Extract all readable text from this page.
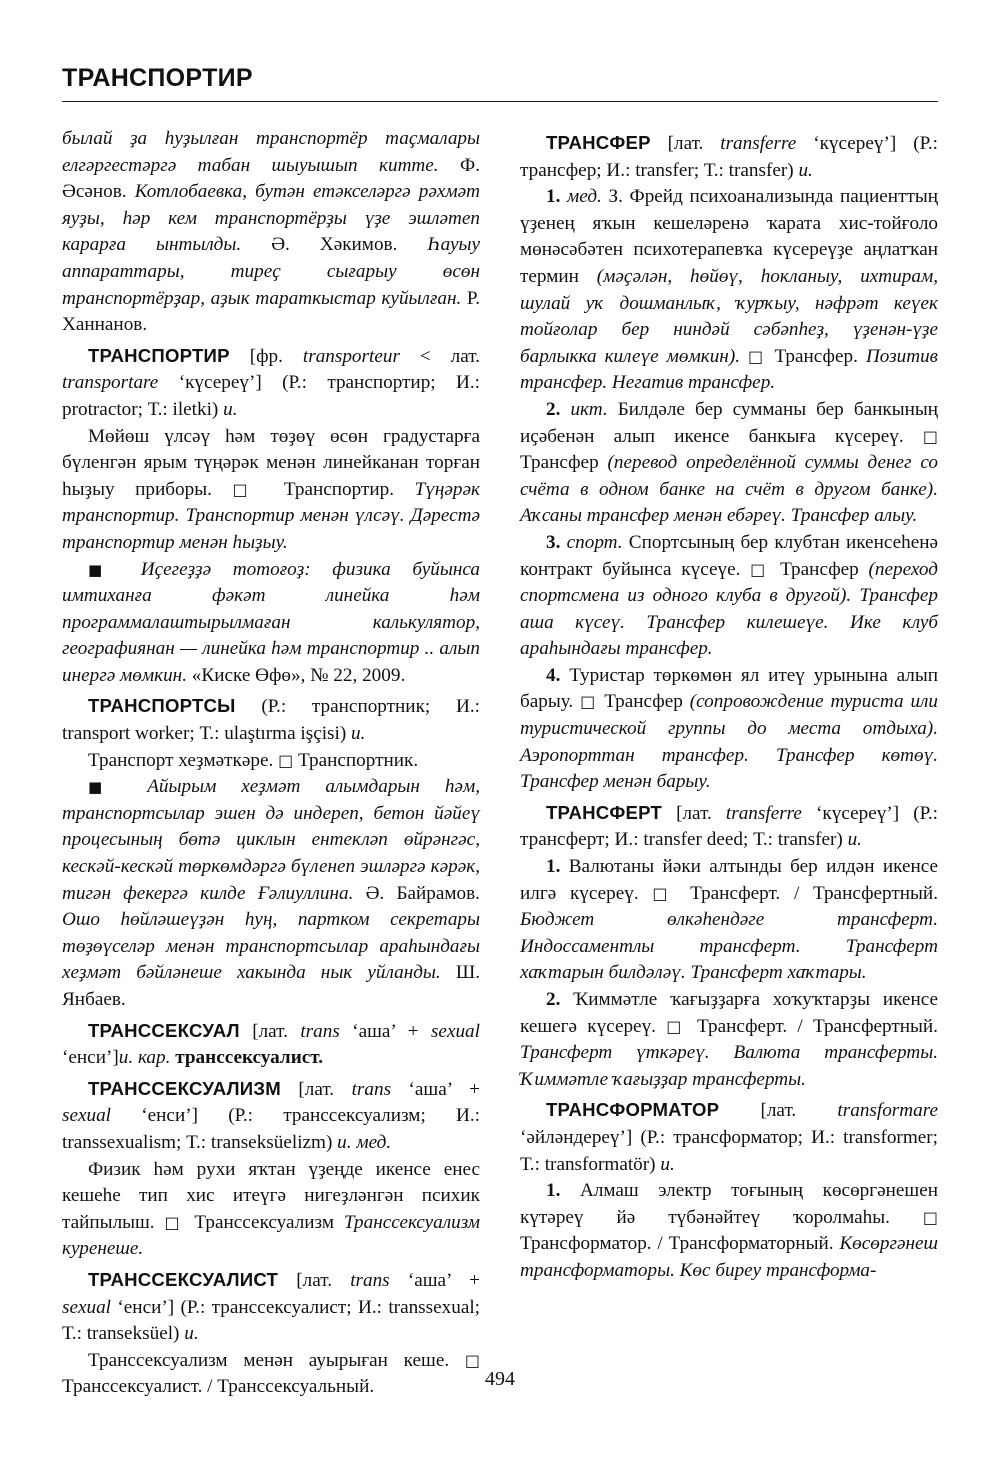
ТРАНСПОРТИР

былай ҙа һуҙылған транспортёр таҫмалары елгәргестәргә табан шыуышып китте. Ф. Әсәнов. Котлобаевка, бутән етәкселәргә рәхмәт яуҙы, һәр кем транспортёрҙы үҙе эшләтеп карарға ынтылды. Ә. Хәкимов. Һауыу аппараттары, тиреҫ сығарыу өсөн транспортёрҙар, аҙык тараткыстар куйылған. Р. Ханнанов.

ТРАНСПОРТИР [фр. transporteur < лат. transportare ‘күсереү’] (Р.: транспортир; И.: protractor; Т.: iletki) и.

Мөйөш үлсәү һәм төҙөү өсөн градустарға бүленгән ярым түңәрәк менән линейканан торған һыҙыу приборы. □ Транспортир. Түңәрәк транспортир. Транспортир менән үлсәү. Дәрестә транспортир менән һыҙыу.

■ Иҫегеҙҙә тотоғоҙ: физика буйынса имтиханға фәкәт линейка һәм программалаштырылмаған калькулятор, географиянан — линейка һәм транспортир .. алып инергә мөмкин. «Киске Өфө», № 22, 2009.

ТРАНСПОРТСЫ (Р.: транспортник; И.: transport worker; Т.: ulaştırma işçisi) и.

Транспорт хеҙмәткәре. □ Транспортник.

■ Айырым хеҙмәт алымдарын һәм, транспортсылар эшен дә индереп, бетон йәйеү процесының бөтә циклын ентекләп өйрәнгәс, кескәй-кескәй төркөмдәргә бүленеп эшләргә кәрәк, тигән фекергә килде Ғәлиуллина. Ә. Байрамов. Ошо һөйләшеүҙән һуң, партком секретары төҙөүселәр менән транспортсылар араһындағы хеҙмәт бәйләнеше хакында нык уйланды. Ш. Янбаев.

ТРАНССЕКСУАЛ [лат. trans ‘аша’ + sexual ‘енси’]и. кар. транссексуалист.

ТРАНССЕКСУАЛИЗМ [лат. trans ‘аша’ + sexual ‘енси’] (Р.: транссексуализм; И.: transsexualism; Т.: transeksüelizm) и. мед.

Физик һәм рухи яҡтан үҙеңде икенсе енес кешеһе тип хис итеүгә нигеҙләнгән психик тайпылыш. □ Транссексуализм Транссексуализм куренеше.

ТРАНССЕКСУАЛИСТ [лат. trans ‘аша’ + sexual ‘енси’] (Р.: транссексуалист; И.: transsexual; Т.: transeksüel) и.

Транссексуализм менән ауырыған кеше. □ Транссексуалист. / Транссексуальный.

ТРАНСФЕР [лат. transferre ‘күсереү’] (Р.: трансфер; И.: transfer; Т.: transfer) и.

1. мед. З. Фрейд психоанализында пациенттың үҙенең яҡын кешеләренә ҡарата хис-тойғоло мөнәсәбәтен психотерапевҡа күсереүҙе аңлатҡан термин (мәҫәлән, һөйөү, һокланыу, ихтирам, шулай уҡ дошманлыҡ, ҡурҡыу, нәфрәт кеүек тойғолар бер ниндәй сәбәпһеҙ, үҙенән-үҙе барлыкка килеүе мөмкин). □ Трансфер. Позитив трансфер. Негатив трансфер.

2. икт. Билдәле бер сумманы бер банкының иҫәбенән алып икенсе банкыға күсереү. □ Трансфер (перевод определённой суммы денег со счёта в одном банке на счёт в другом банке). Аҡсаны трансфер менән ебәреү. Трансфер алыу.

3. спорт. Спортсының бер клубтан икенсеһенә контракт буйынса күсеүе. □ Трансфер (переход спортсмена из одного клуба в другой). Трансфер аша күсеү. Трансфер килешеүе. Ике клуб араһындағы трансфер.

4. Туристар төркөмөн ял итеү урынына алып барыу. □ Трансфер (сопровождение туриста или туристической группы до места отдыха). Аэропорттан трансфер. Трансфер көтөү. Трансфер менән барыу.

ТРАНСФЕРТ [лат. transferre ‘күсереү’] (Р.: трансферт; И.: transfer deed; Т.: transfer) и.

1. Валютаны йәки алтынды бер илдән икенсе илгә күсереү. □ Трансферт. / Трансфертный. Бюджет өлкәһендәге трансферт. Индоссаментлы трансферт. Трансферт хаҡтарын билдәләү. Трансферт хаҡтары.

2. Ҡиммәтле ҡағыҙҙарға хоҡуҡтарҙы икенсе кешегә күсереү. □ Трансферт. / Трансфертный. Трансферт үткәреү. Валюта трансферты. Ҡиммәтле ҡағыҙҙар трансферты.

ТРАНСФОРМАТОР [лат. transformare ‘әйләндереү’] (Р.: трансформатор; И.: transformer; Т.: transformatör) и.

1. Алмаш электр тоғының көсөргәнешен күтәреү йә түбәнәйтеү ҡоролмаһы. □ Трансформатор. / Трансформаторный. Көсөргәнеш трансформаторы. Көс биреу трансформа-

494
